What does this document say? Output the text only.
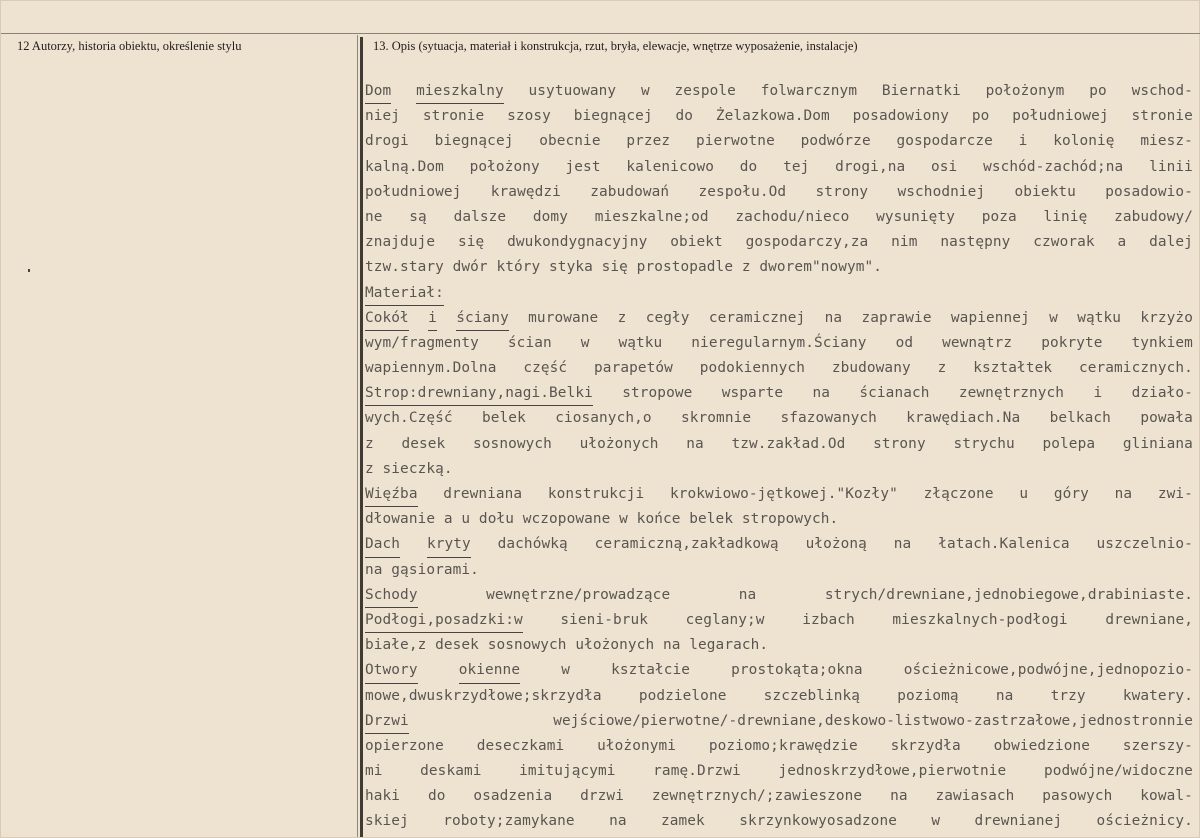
12 Autorzy, historia obiektu, określenie stylu	13. Opis (sytuacja, materiał i konstrukcja, rzut, bryła, elewacje, wnętrze wyposażenie, instalacje)
Dom mieszkalny usytuowany w zespole folwarcznym Biernatki położonym po wschod-
niej stronie szosy biegnącej do Żelazkowa.Dom posadowiony po południowej stronie
drogi biegnącej obecnie przez pierwotne podwórze gospodarcze i kolonię miesz-
kalną.Dom położony jest kalenicowo do tej drogi,na osi wschód-zachód;na linii
południowej krawędzi zabudowań zespołu.Od strony wschodniej obiektu posadowio-
ne są dalsze domy mieszkalne;od zachodu/nieco wysunięty poza linię zabudowy/
znajduje się dwukondygnacyjny obiekt gospodarczy,za nim następny czworak a dalej
tzw.stary dwór który styka się prostopadle z dworem"nowym".
Materiał:
Cokół i ściany murowane z cegły ceramicznej na zaprawie wapiennej w wątku krzyżo
wym/fragmenty ścian w wątku nieregularnym.Ściany od wewnątrz pokryte tynkiem
wapiennym.Dolna część parapetów podokiennych zbudowany z kształtek ceramicznych.
Strop:drewniany,nagi.Belki stropowe wsparte na ścianach zewnętrznych i działo-
wych.Część belek ciosanych,o skromnie sfazowanych krawędiach.Na belkach powała
z desek sosnowych ułożonych na tzw.zakład.Od strony strychu polepa gliniana
z sieczką.
Więźba drewniana konstrukcji krokwiowo-jętkowej."Kozły" złączone u góry na zwi-
dłowanie a u dołu wczopowane w końce belek stropowych.
Dach kryty dachówką ceramiczną,zakładkową ułożoną na łatach.Kalenica uszczelnio-
na gąsiorami.
Schody	wewnętrzne/prowadzące	na	strych/drewniane,jednobiegowe,drabiniaste.
Podłogi,posadzki:w	sieni-bruk	ceglany;w	izbach	mieszkalnych-podłogi	drewniane,
białe,z desek sosnowych ułożonych na legarach.
Otwory	okienne	w	kształcie	prostokąta;okna	ościeżnicowe,podwójne,jednopozio-
mowe,dwuskrzydłowe;skrzydła	podzielone	szczeblinką	poziomą	na	trzy	kwatery.
Drzwi	wejściowe/pierwotne/-drewniane,deskowo-listwowo-zastrzałowe,jednostronnie
opierzone deseczkami ułożonymi poziomo;krawędzie skrzydła obwiedzione szerszy-
mi	deskami	imitującymi	ramę.Drzwi	jednoskrzydłowe,pierwotnie	podwójne/widoczne
haki do osadzenia drzwi zewnętrznych/;zawieszone na zawiasach pasowych kowal-
skiej roboty;zamykane na zamek skrzynkowyosadzone w drewnianej ościeżnicy.
